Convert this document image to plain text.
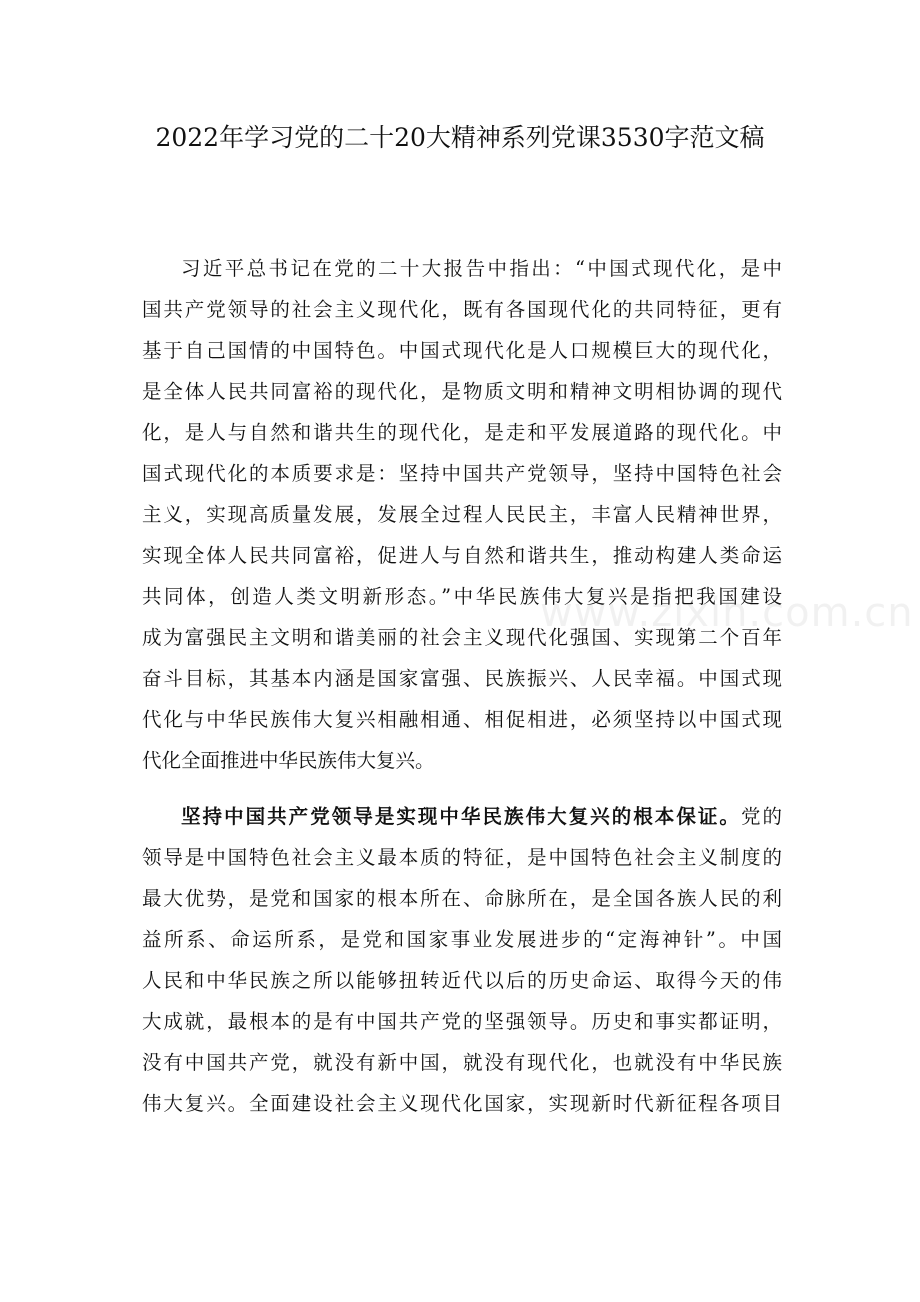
2022年学习党的二十20大精神系列党课3530字范文稿
www.zixin.com.cn
习近平总书记在党的二十大报告中指出：“中国式现代化，是中
国共产党领导的社会主义现代化，既有各国现代化的共同特征，更有
基于自己国情的中国特色。中国式现代化是人口规模巨大的现代化，
是全体人民共同富裕的现代化，是物质文明和精神文明相协调的现代
化，是人与自然和谐共生的现代化，是走和平发展道路的现代化。中
国式现代化的本质要求是：坚持中国共产党领导，坚持中国特色社会
主义，实现高质量发展，发展全过程人民民主，丰富人民精神世界，
实现全体人民共同富裕，促进人与自然和谐共生，推动构建人类命运
共同体，创造人类文明新形态。”中华民族伟大复兴是指把我国建设
成为富强民主文明和谐美丽的社会主义现代化强国、实现第二个百年
奋斗目标，其基本内涵是国家富强、民族振兴、人民幸福。中国式现
代化与中华民族伟大复兴相融相通、相促相进，必须坚持以中国式现
代化全面推进中华民族伟大复兴。
坚持中国共产党领导是实现中华民族伟大复兴的根本保证。党的
领导是中国特色社会主义最本质的特征，是中国特色社会主义制度的
最大优势，是党和国家的根本所在、命脉所在，是全国各族人民的利
益所系、命运所系，是党和国家事业发展进步的“定海神针”。中国
人民和中华民族之所以能够扭转近代以后的历史命运、取得今天的伟
大成就，最根本的是有中国共产党的坚强领导。历史和事实都证明，
没有中国共产党，就没有新中国，就没有现代化，也就没有中华民族
伟大复兴。全面建设社会主义现代化国家，实现新时代新征程各项目
